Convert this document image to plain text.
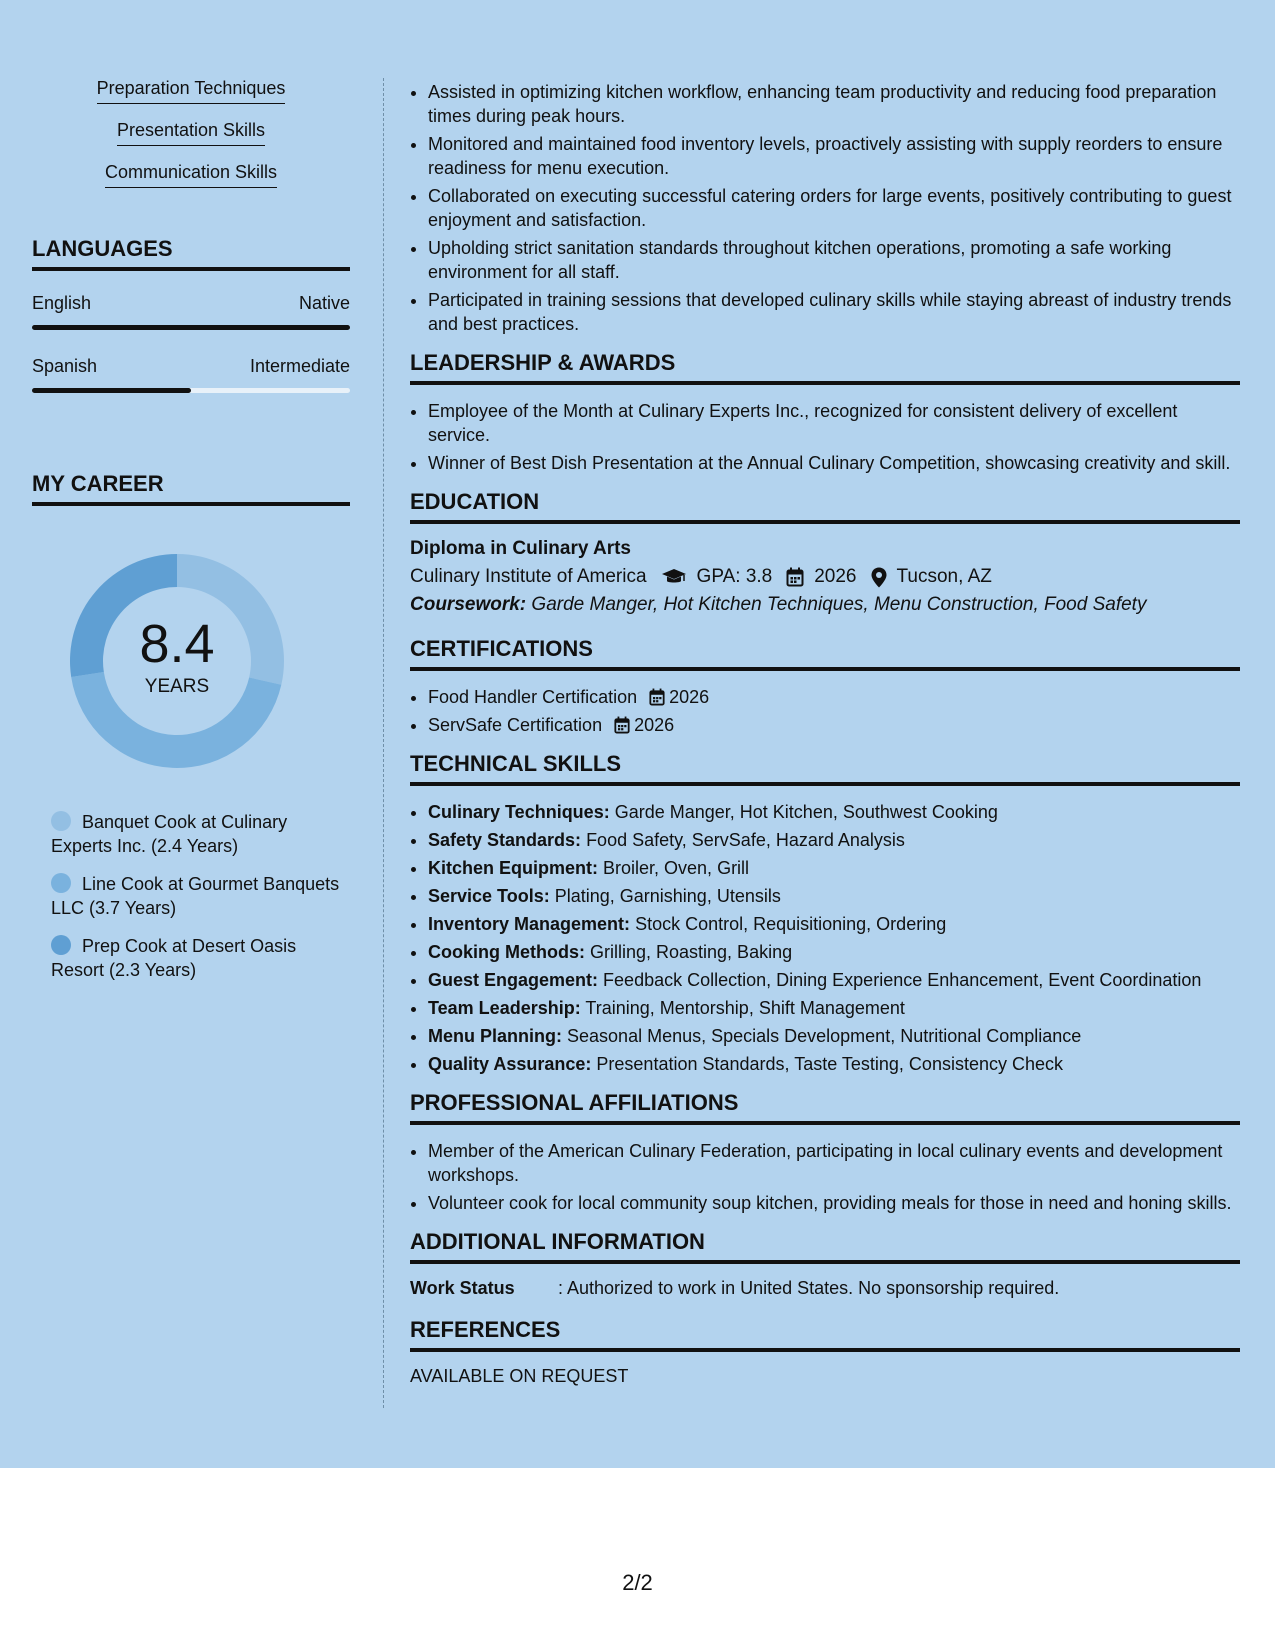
Preparation Techniques
Presentation Skills
Communication Skills
LANGUAGES
English	Native
Spanish	Intermediate
MY CAREER
8.4
YEARS
Banquet Cook at Culinary Experts Inc. (2.4 Years)
Line Cook at Gourmet Banquets LLC (3.7 Years)
Prep Cook at Desert Oasis Resort (2.3 Years)
• Assisted in optimizing kitchen workflow, enhancing team productivity and reducing food preparation times during peak hours.
• Monitored and maintained food inventory levels, proactively assisting with supply reorders to ensure readiness for menu execution.
• Collaborated on executing successful catering orders for large events, positively contributing to guest enjoyment and satisfaction.
• Upholding strict sanitation standards throughout kitchen operations, promoting a safe working environment for all staff.
• Participated in training sessions that developed culinary skills while staying abreast of industry trends and best practices.
LEADERSHIP & AWARDS
• Employee of the Month at Culinary Experts Inc., recognized for consistent delivery of excellent service.
• Winner of Best Dish Presentation at the Annual Culinary Competition, showcasing creativity and skill.
EDUCATION
Diploma in Culinary Arts
Culinary Institute of America	GPA: 3.8 2026 Tucson, AZ
Coursework: Garde Manger, Hot Kitchen Techniques, Menu Construction, Food Safety
CERTIFICATIONS
• Food Handler Certification 2026
• ServSafe Certification 2026
TECHNICAL SKILLS
• Culinary Techniques: Garde Manger, Hot Kitchen, Southwest Cooking
• Safety Standards: Food Safety, ServSafe, Hazard Analysis
• Kitchen Equipment: Broiler, Oven, Grill
• Service Tools: Plating, Garnishing, Utensils
• Inventory Management: Stock Control, Requisitioning, Ordering
• Cooking Methods: Grilling, Roasting, Baking
• Guest Engagement: Feedback Collection, Dining Experience Enhancement, Event Coordination
• Team Leadership: Training, Mentorship, Shift Management
• Menu Planning: Seasonal Menus, Specials Development, Nutritional Compliance
• Quality Assurance: Presentation Standards, Taste Testing, Consistency Check
PROFESSIONAL AFFILIATIONS
• Member of the American Culinary Federation, participating in local culinary events and development workshops.
• Volunteer cook for local community soup kitchen, providing meals for those in need and honing skills.
ADDITIONAL INFORMATION
Work Status : Authorized to work in United States. No sponsorship required.
REFERENCES
AVAILABLE ON REQUEST
2/2
